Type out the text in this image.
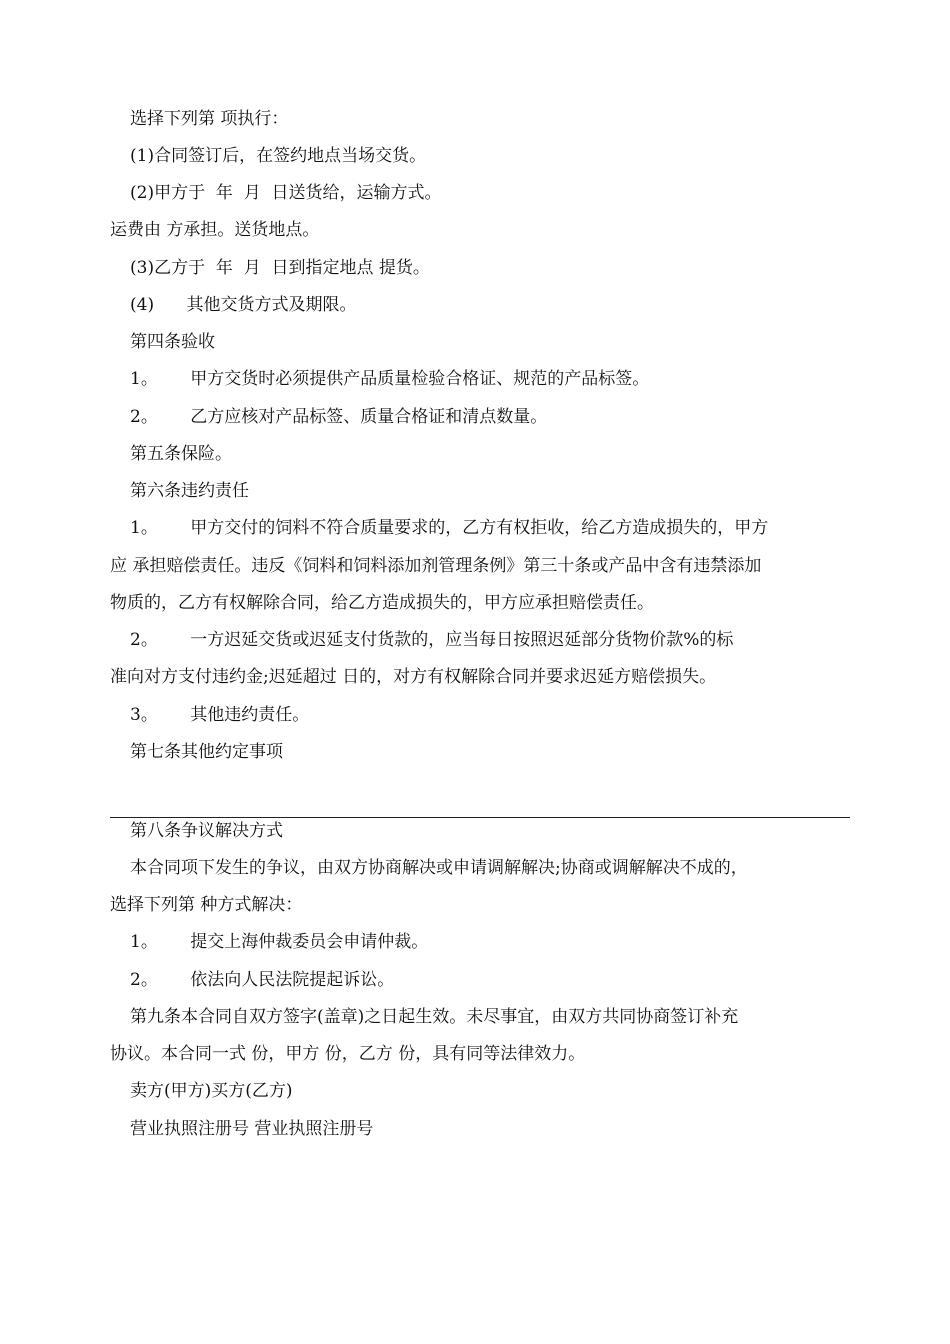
选择下列第 项执行：
(1)合同签订后，在签约地点当场交货。
(2)甲方于  年  月  日送货给，运输方式。
运费由 方承担。送货地点。
(3)乙方于  年  月  日到指定地点 提货。
(4)      其他交货方式及期限。
第四条验收
1。      甲方交货时必须提供产品质量检验合格证、规范的产品标签。
2。      乙方应核对产品标签、质量合格证和清点数量。
第五条保险。
第六条违约责任
1。      甲方交付的饲料不符合质量要求的，乙方有权拒收，给乙方造成损失的，甲方
应 承担赔偿责任。违反《饲料和饲料添加剂管理条例》第三十条或产品中含有违禁添加
物质的，乙方有权解除合同，给乙方造成损失的，甲方应承担赔偿责任。
2。      一方迟延交货或迟延支付货款的，应当每日按照迟延部分货物价款%的标
准向对方支付违约金;迟延超过 日的，对方有权解除合同并要求迟延方赔偿损失。
3。      其他违约责任。
第七条其他约定事项
第八条争议解决方式
本合同项下发生的争议，由双方协商解决或申请调解解决;协商或调解解决不成的，
选择下列第 种方式解决：
1。      提交上海仲裁委员会申请仲裁。
2。      依法向人民法院提起诉讼。
第九条本合同自双方签字(盖章)之日起生效。未尽事宜，由双方共同协商签订补充
协议。本合同一式 份，甲方 份，乙方 份，具有同等法律效力。
卖方(甲方)买方(乙方)
营业执照注册号 营业执照注册号
